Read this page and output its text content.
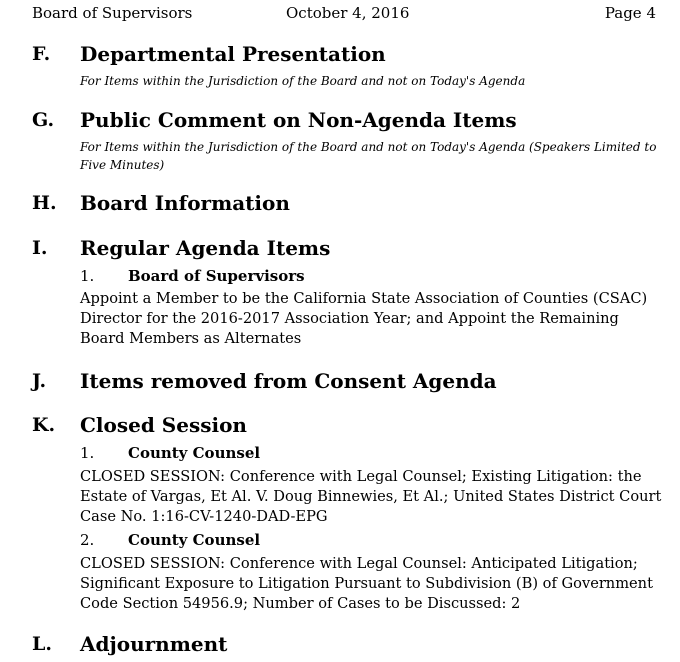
Board of Supervisors	October 4, 2016	Page 4
F. Departmental Presentation
For Items within the Jurisdiction of the Board and not on Today's Agenda
G. Public Comment on Non-Agenda Items
For Items within the Jurisdiction of the Board and not on Today's Agenda (Speakers Limited to Five Minutes)
H. Board Information
I. Regular Agenda Items
1. Board of Supervisors
Appoint a Member to be the California State Association of Counties (CSAC) Director for the 2016-2017 Association Year; and Appoint the Remaining Board Members as Alternates
J. Items removed from Consent Agenda
K. Closed Session
1. County Counsel
CLOSED SESSION: Conference with Legal Counsel; Existing Litigation: the Estate of Vargas, Et Al. V. Doug Binnewies, Et Al.; United States District Court Case No. 1:16-CV-1240-DAD-EPG
2. County Counsel
CLOSED SESSION: Conference with Legal Counsel: Anticipated Litigation; Significant Exposure to Litigation Pursuant to Subdivision (B) of Government Code Section 54956.9; Number of Cases to be Discussed: 2
L. Adjournment
